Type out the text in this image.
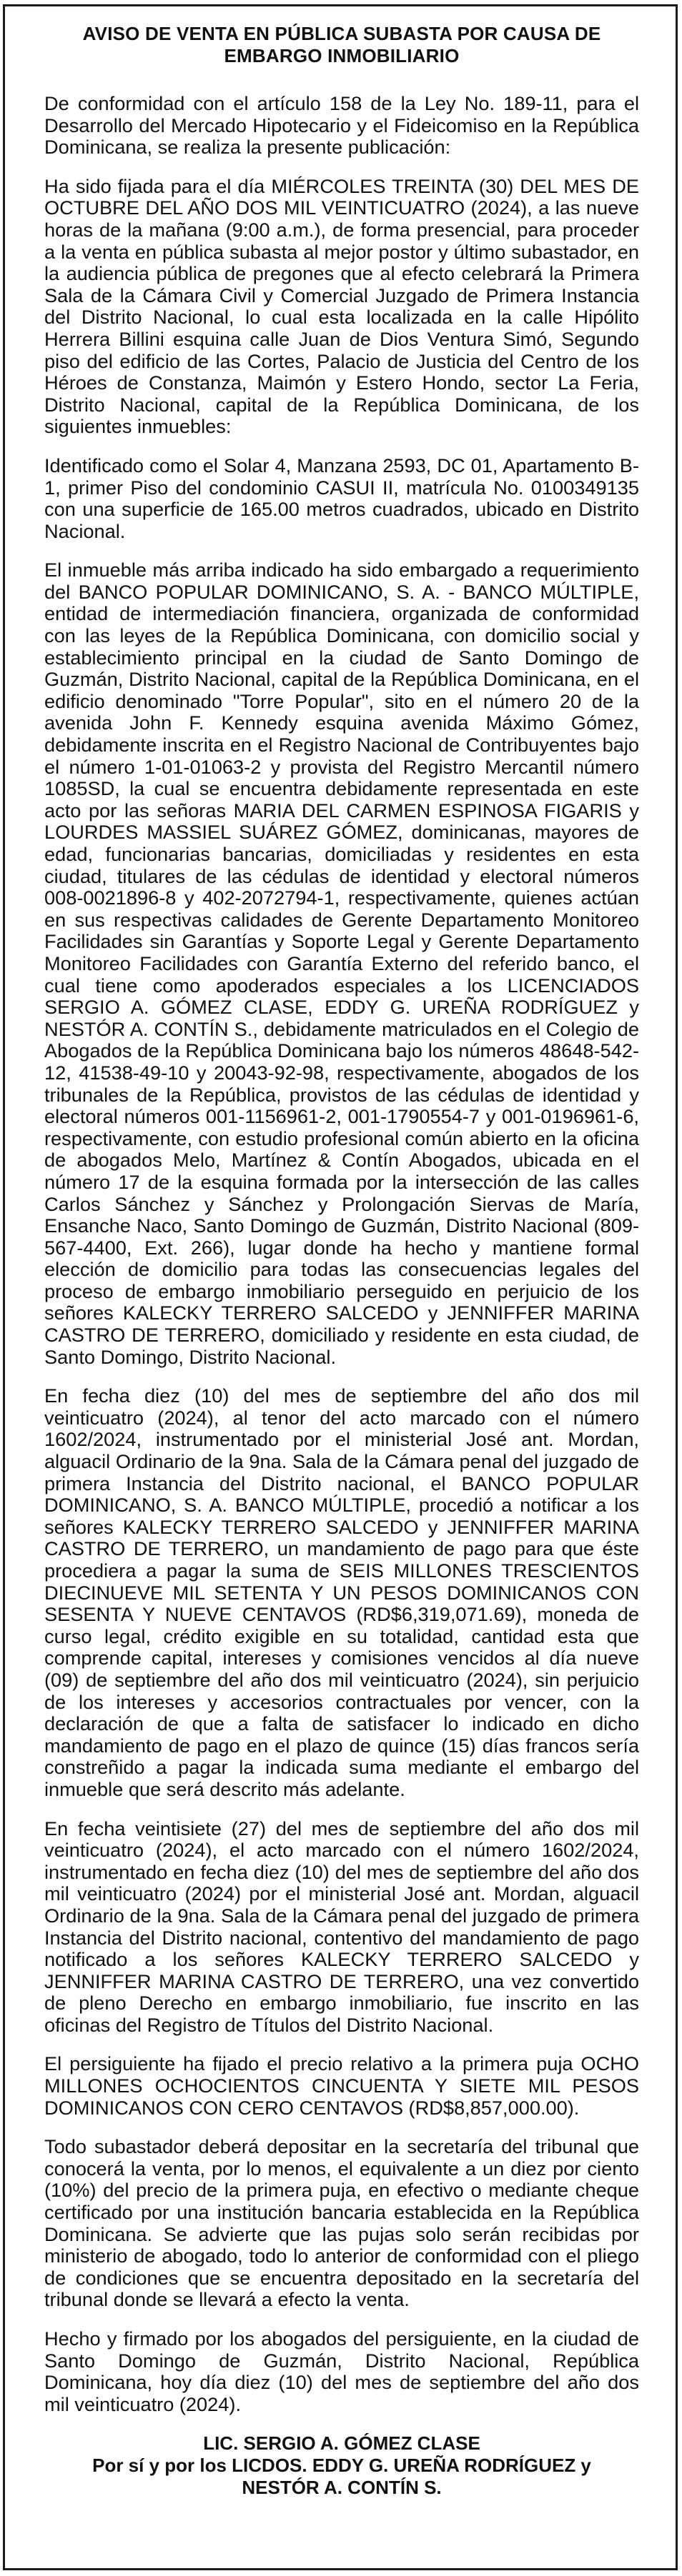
AVISO DE VENTA EN PÚBLICA SUBASTA POR CAUSA DE EMBARGO INMOBILIARIO

De conformidad con el artículo 158 de la Ley No. 189-11, para el Desarrollo del Mercado Hipotecario y el Fideicomiso en la República Dominicana, se realiza la presente publicación:

Ha sido fijada para el día MIÉRCOLES TREINTA (30) DEL MES DE OCTUBRE DEL AÑO DOS MIL VEINTICUATRO (2024), a las nueve horas de la mañana (9:00 a.m.), de forma presencial, para proceder a la venta en pública subasta al mejor postor y último subastador, en la audiencia pública de pregones que al efecto celebrará la Primera Sala de la Cámara Civil y Comercial Juzgado de Primera Instancia del Distrito Nacional, lo cual esta localizada en la calle Hipólito Herrera Billini esquina calle Juan de Dios Ventura Simó, Segundo piso del edificio de las Cortes, Palacio de Justicia del Centro de los Héroes de Constanza, Maimón y Estero Hondo, sector La Feria, Distrito Nacional, capital de la República Dominicana, de los siguientes inmuebles:

Identificado como el Solar 4, Manzana 2593, DC 01, Apartamento B-1, primer Piso del condominio CASUI II, matrícula No. 0100349135 con una superficie de 165.00 metros cuadrados, ubicado en Distrito Nacional.

El inmueble más arriba indicado ha sido embargado a requerimiento del BANCO POPULAR DOMINICANO, S. A. - BANCO MÚLTIPLE, entidad de intermediación financiera, organizada de conformidad con las leyes de la República Dominicana, con domicilio social y establecimiento principal en la ciudad de Santo Domingo de Guzmán, Distrito Nacional, capital de la República Dominicana, en el edificio denominado "Torre Popular", sito en el número 20 de la avenida John F. Kennedy esquina avenida Máximo Gómez, debidamente inscrita en el Registro Nacional de Contribuyentes bajo el número 1-01-01063-2 y provista del Registro Mercantil número 1085SD, la cual se encuentra debidamente representada en este acto por las señoras MARIA DEL CARMEN ESPINOSA FIGARIS y LOURDES MASSIEL SUÁREZ GÓMEZ, dominicanas, mayores de edad, funcionarias bancarias, domiciliadas y residentes en esta ciudad, titulares de las cédulas de identidad y electoral números 008-0021896-8 y 402-2072794-1, respectivamente, quienes actúan en sus respectivas calidades de Gerente Departamento Monitoreo Facilidades sin Garantías y Soporte Legal y Gerente Departamento Monitoreo Facilidades con Garantía Externo del referido banco, el cual tiene como apoderados especiales a los LICENCIADOS SERGIO A. GÓMEZ CLASE, EDDY G. UREÑA RODRÍGUEZ y NESTÓR A. CONTÍN S., debidamente matriculados en el Colegio de Abogados de la República Dominicana bajo los números 48648-542-12, 41538-49-10 y 20043-92-98, respectivamente, abogados de los tribunales de la República, provistos de las cédulas de identidad y electoral números 001-1156961-2, 001-1790554-7 y 001-0196961-6, respectivamente, con estudio profesional común abierto en la oficina de abogados Melo, Martínez & Contín Abogados, ubicada en el número 17 de la esquina formada por la intersección de las calles Carlos Sánchez y Sánchez y Prolongación Siervas de María, Ensanche Naco, Santo Domingo de Guzmán, Distrito Nacional (809-567-4400, Ext. 266), lugar donde ha hecho y mantiene formal elección de domicilio para todas las consecuencias legales del proceso de embargo inmobiliario perseguido en perjuicio de los señores KALECKY TERRERO SALCEDO y JENNIFFER MARINA CASTRO DE TERRERO, domiciliado y residente en esta ciudad, de Santo Domingo, Distrito Nacional.

En fecha diez (10) del mes de septiembre del año dos mil veinticuatro (2024), al tenor del acto marcado con el número 1602/2024, instrumentado por el ministerial José ant. Mordan, alguacil Ordinario de la 9na. Sala de la Cámara penal del juzgado de primera Instancia del Distrito nacional, el BANCO POPULAR DOMINICANO, S. A. BANCO MÚLTIPLE, procedió a notificar a los señores KALECKY TERRERO SALCEDO y JENNIFFER MARINA CASTRO DE TERRERO, un mandamiento de pago para que éste procediera a pagar la suma de SEIS MILLONES TRESCIENTOS DIECINUEVE MIL SETENTA Y UN PESOS DOMINICANOS CON SESENTA Y NUEVE CENTAVOS (RD$6,319,071.69), moneda de curso legal, crédito exigible en su totalidad, cantidad esta que comprende capital, intereses y comisiones vencidos al día nueve (09) de septiembre del año dos mil veinticuatro (2024), sin perjuicio de los intereses y accesorios contractuales por vencer, con la declaración de que a falta de satisfacer lo indicado en dicho mandamiento de pago en el plazo de quince (15) días francos sería constreñido a pagar la indicada suma mediante el embargo del inmueble que será descrito más adelante.

En fecha veintisiete (27) del mes de septiembre del año dos mil veinticuatro (2024), el acto marcado con el número 1602/2024, instrumentado en fecha diez (10) del mes de septiembre del año dos mil veinticuatro (2024) por el ministerial José ant. Mordan, alguacil Ordinario de la 9na. Sala de la Cámara penal del juzgado de primera Instancia del Distrito nacional, contentivo del mandamiento de pago notificado a los señores KALECKY TERRERO SALCEDO y JENNIFFER MARINA CASTRO DE TERRERO, una vez convertido de pleno Derecho en embargo inmobiliario, fue inscrito en las oficinas del Registro de Títulos del Distrito Nacional.

El persiguiente ha fijado el precio relativo a la primera puja OCHO MILLONES OCHOCIENTOS CINCUENTA Y SIETE MIL PESOS DOMINICANOS CON CERO CENTAVOS (RD$8,857,000.00).

Todo subastador deberá depositar en la secretaría del tribunal que conocerá la venta, por lo menos, el equivalente a un diez por ciento (10%) del precio de la primera puja, en efectivo o mediante cheque certificado por una institución bancaria establecida en la República Dominicana. Se advierte que las pujas solo serán recibidas por ministerio de abogado, todo lo anterior de conformidad con el pliego de condiciones que se encuentra depositado en la secretaría del tribunal donde se llevará a efecto la venta.

Hecho y firmado por los abogados del persiguiente, en la ciudad de Santo Domingo de Guzmán, Distrito Nacional, República Dominicana, hoy día diez (10) del mes de septiembre del año dos mil veinticuatro (2024).

LIC. SERGIO A. GÓMEZ CLASE
Por sí y por los LICDOS. EDDY G. UREÑA RODRÍGUEZ y
NESTÓR A. CONTÍN S.
